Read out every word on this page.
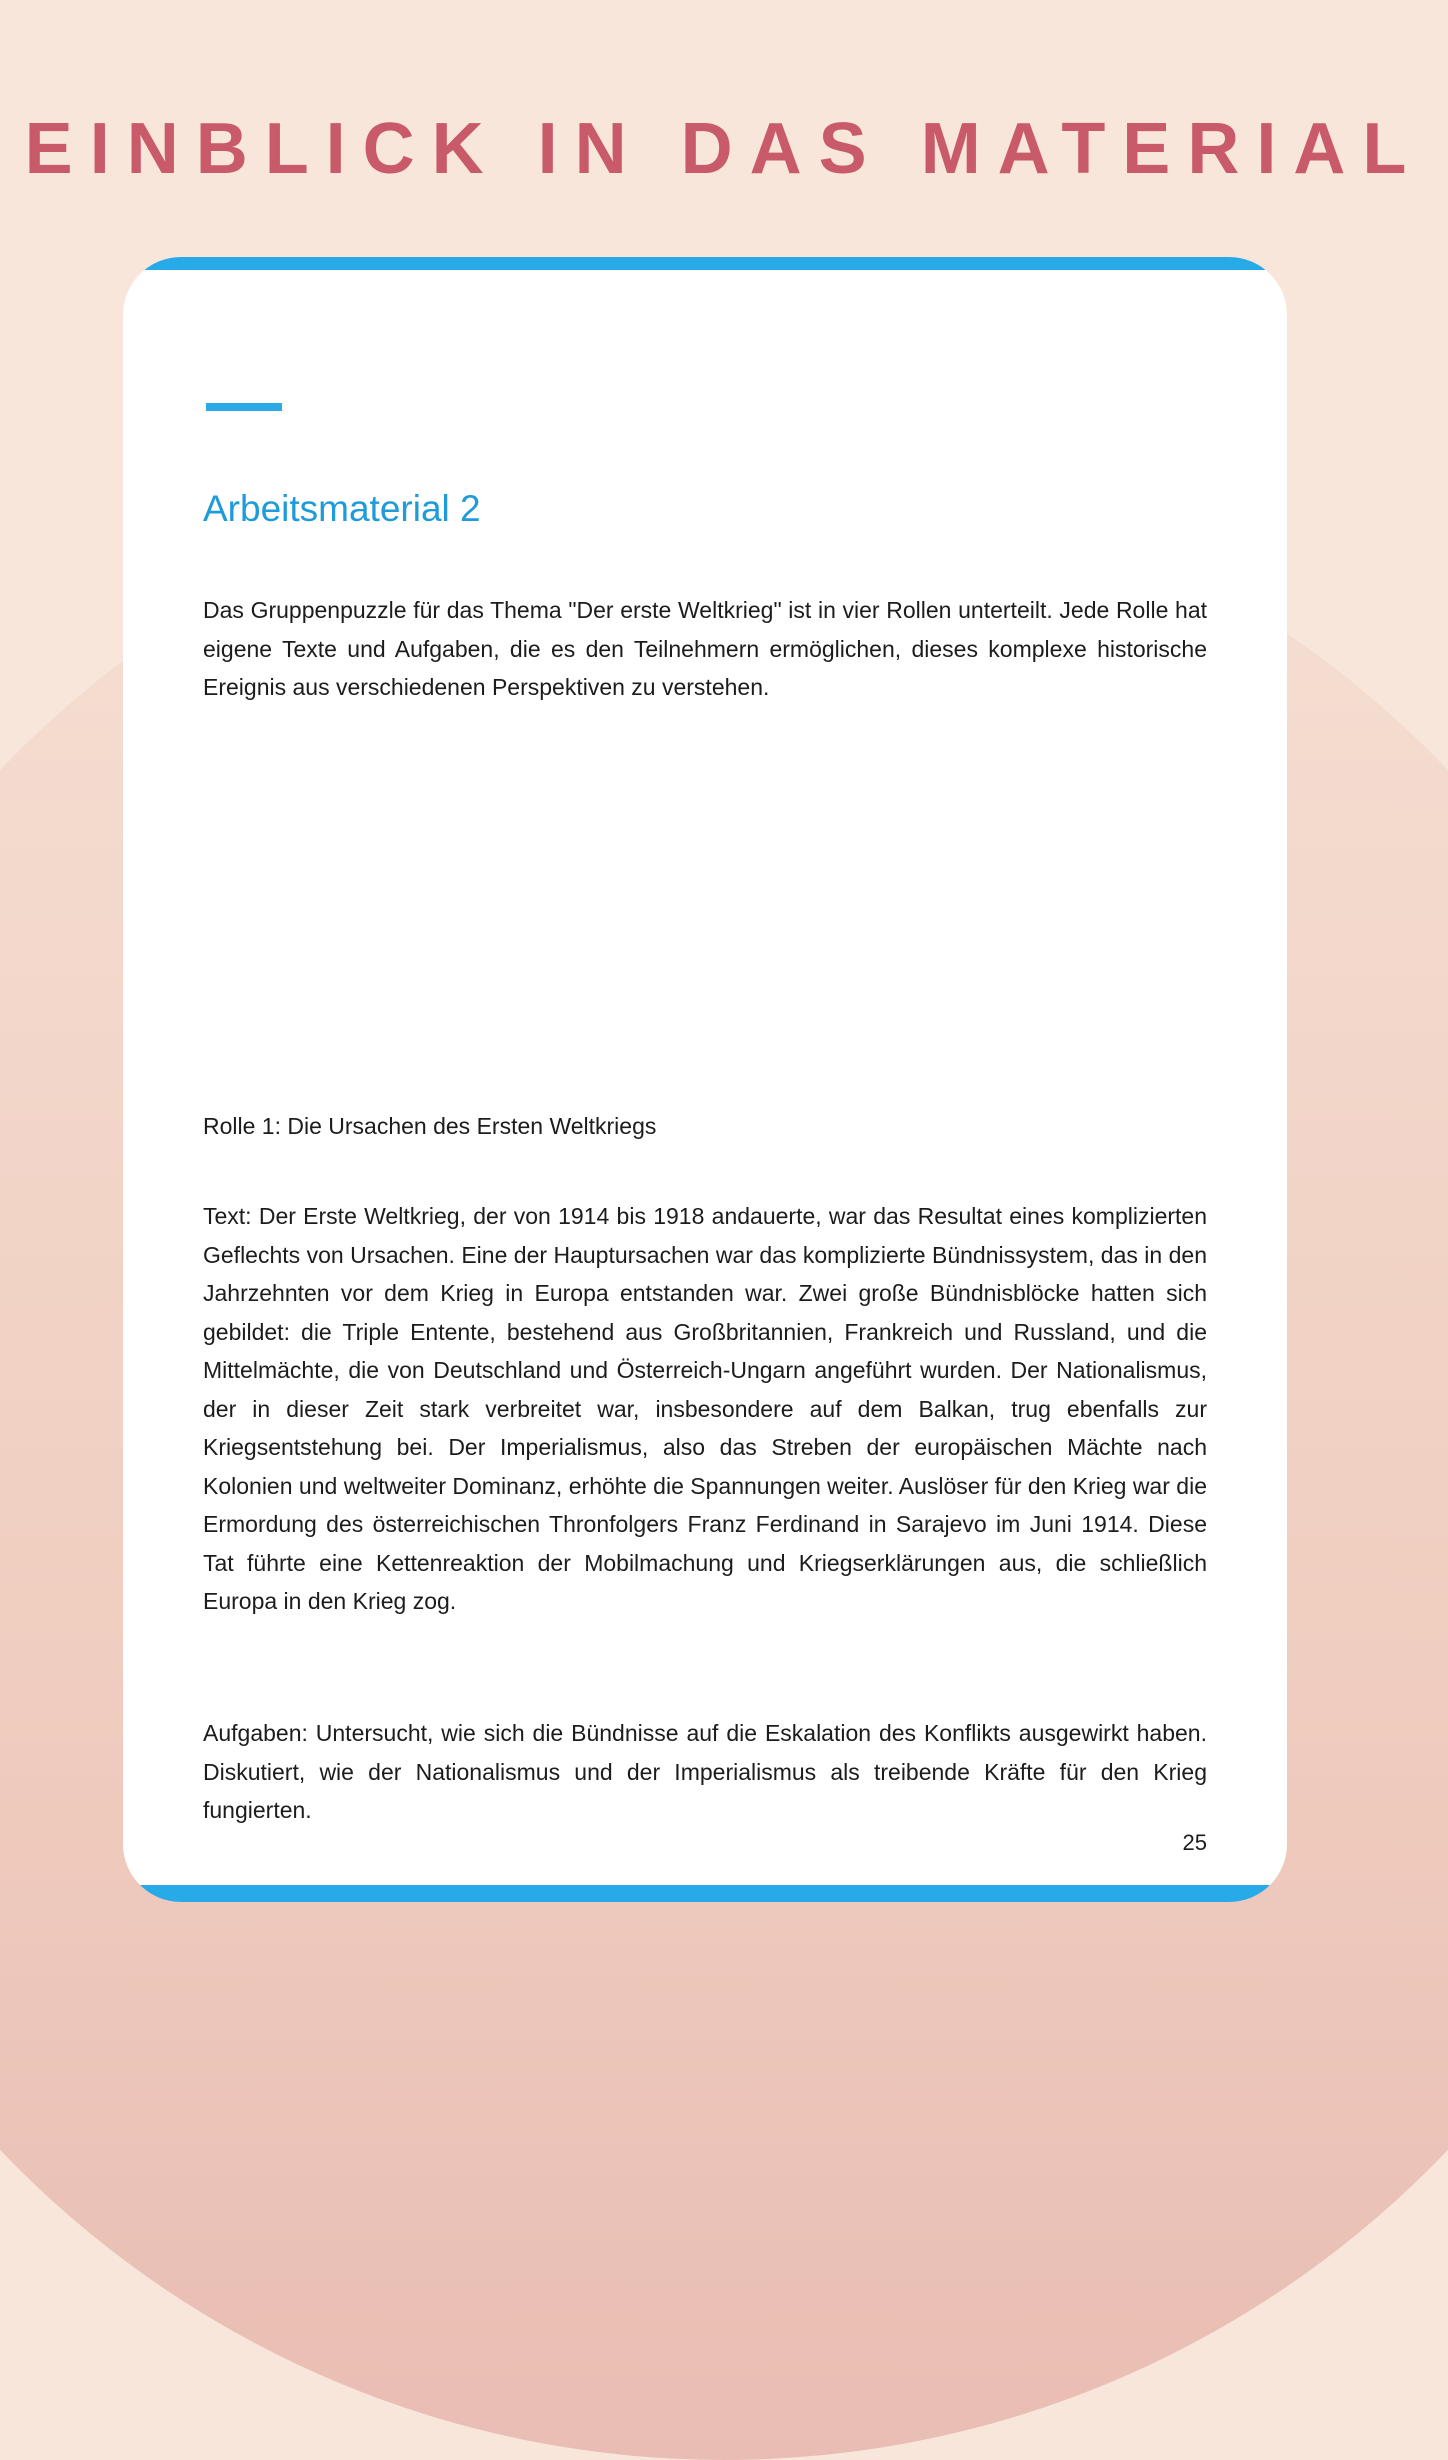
EINBLICK IN DAS MATERIAL
Arbeitsmaterial 2

Das Gruppenpuzzle für das Thema "Der erste Weltkrieg" ist in vier Rollen unterteilt. Jede Rolle hat eigene Texte und Aufgaben, die es den Teilnehmern ermöglichen, dieses komplexe historische Ereignis aus verschiedenen Perspektiven zu verstehen.

Rolle 1: Die Ursachen des Ersten Weltkriegs

Text: Der Erste Weltkrieg, der von 1914 bis 1918 andauerte, war das Resultat eines komplizierten Geflechts von Ursachen. Eine der Hauptursachen war das komplizierte Bündnissystem, das in den Jahrzehnten vor dem Krieg in Europa entstanden war. Zwei große Bündnisblöcke hatten sich gebildet: die Triple Entente, bestehend aus Großbritannien, Frankreich und Russland, und die Mittelmächte, die von Deutschland und Österreich-Ungarn angeführt wurden. Der Nationalismus, der in dieser Zeit stark verbreitet war, insbesondere auf dem Balkan, trug ebenfalls zur Kriegsentstehung bei. Der Imperialismus, also das Streben der europäischen Mächte nach Kolonien und weltweiter Dominanz, erhöhte die Spannungen weiter. Auslöser für den Krieg war die Ermordung des österreichischen Thronfolgers Franz Ferdinand in Sarajevo im Juni 1914. Diese Tat führte eine Kettenreaktion der Mobilmachung und Kriegserklärungen aus, die schließlich Europa in den Krieg zog.

Aufgaben: Untersucht, wie sich die Bündnisse auf die Eskalation des Konflikts ausgewirkt haben. Diskutiert, wie der Nationalismus und der Imperialismus als treibende Kräfte für den Krieg fungierten.

25
